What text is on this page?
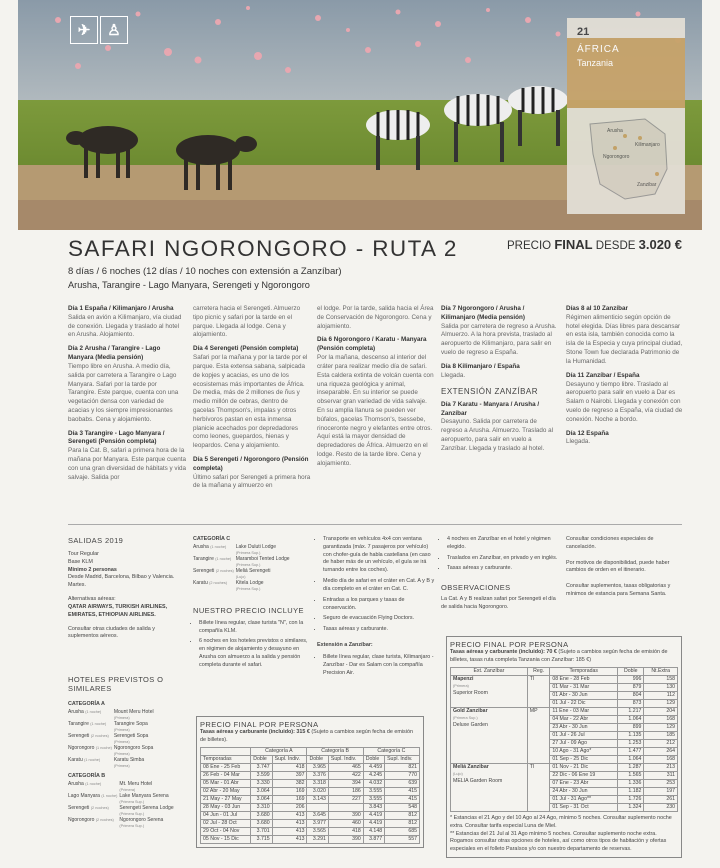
✈	♙	21
ÁFRICA
Tanzania
Arusha
Kilimanjaro
Ngorongoro
Zanzibar
SAFARI NGORONGORO - RUTA 2	PRECIO FINAL DESDE 3.020 €
8 días / 6 noches (12 días / 10 noches con extensión a Zanzíbar)
Arusha, Tarangire - Lago Manyara, Serengeti y Ngorongoro

Día 1 España / Kilimanjaro / Arusha
Salida en avión a Kilimanjaro, vía ciudad de conexión. Llegada y traslado al hotel en Arusha. Alojamiento.

Día 2 Arusha / Tarangire - Lago Manyara (Media pensión)
Tiempo libre en Arusha. A medio día, salida por carretera a Tarangire o Lago Manyara. Safari por la tarde por Tarangire. Este parque, cuenta con una vegetación densa con variedad de acacias y los siempre impresionantes baobabs. Cena y alojamiento.

Día 3 Tarangire - Lago Manyara / Serengeti (Pensión completa)
Para la Cat. B, safari a primera hora de la mañana por Manyara. Este parque cuenta con una gran diversidad de hábitats y vida salvaje. Salida por

carretera hacia el Serengeti. Almuerzo tipo picnic y safari por la tarde en el parque. Llegada al lodge. Cena y alojamiento.

Día 4 Serengeti (Pensión completa)
Safari por la mañana y por la tarde por el parque. Esta extensa sabana, salpicada de kopjes y acacias, es uno de los ecosistemas más importantes de África. De media, más de 2 millones de ñus y medio millón de cebras, dentro de gacelas Thompson's, impalas y otros herbívoros pastan en esta inmensa planicie acechados por depredadores como leones, guepardos, hienas y leopardos. Cena y alojamiento.

Día 5 Serengeti / Ngorongoro (Pensión completa)
Último safari por Serengeti a primera hora de la mañana y almuerzo en

el lodge. Por la tarde, salida hacia el Área de Conservación de Ngorongoro. Cena y alojamiento.

Día 6 Ngorongoro / Karatu - Manyara (Pensión completa)
Por la mañana, descenso al interior del cráter para realizar medio día de safari. Esta caldera extinta de volcán cuenta con una riqueza geológica y animal, inseparable. En su interior se puede observar gran variedad de vida salvaje. En su amplia llanura se pueden ver búfalos, gacelas Thomson's, tsessebe, rinoceronte negro y elefantes entre otros. Aquí está la mayor densidad de depredadores de África. Almuerzo en el lodge. Resto de la tarde libre. Cena y alojamiento.

Día 7 Ngorongoro / Arusha / Kilimanjaro (Media pensión)
Salida por carretera de regreso a Arusha. Almuerzo. A la hora prevista, traslado al aeropuerto de Kilimanjaro, para salir en vuelo de regreso a España.

Día 8 Kilimanjaro / España
Llegada.

EXTENSIÓN ZANZÍBAR

Día 7 Karatu - Manyara / Arusha / Zanzíbar
Desayuno. Salida por carretera de regreso a Arusha. Almuerzo. Traslado al aeropuerto, para salir en vuelo a Zanzíbar. Llegada y traslado al hotel.

Días 8 al 10 Zanzíbar
Régimen alimenticio según opción de hotel elegida. Días libres para descansar en esta isla, también conocida como la isla de la Especia y cuya principal ciudad, Stone Town fue declarada Patrimonio de la Humanidad.

Día 11 Zanzíbar / España
Desayuno y tiempo libre. Traslado al aeropuerto para salir en vuelo a Dar es Salam o Nairobi. Llegada y conexión con vuelo de regreso a España, vía ciudad de conexión. Noche a bordo.

Día 12 España
Llegada.

SALIDAS 2019
Tour Regular
Base KLM
Mínimo 2 personas
Desde Madrid, Barcelona, Bilbao y Valencia.
Martes.
Alternativas aéreas:
QATAR AIRWAYS, TURKISH AIRLINES, EMIRATES, ETHIOPIAN AIRLINES.
Consultar otras ciudades de salida y suplementos aéreos.
HOTELES PREVISTOS O SIMILARES
CATEGORÍA A
Arusha (1 noche)	Mount Meru Hotel
(Primera)
Tarangire (1 noche)	Tarangire Sopa
(Primera)
Serengeti (2 noches)	Serengeti Sopa
(Primera)
Ngorongoro (1 noche)	Ngorongoro Sopa
(Primera)
Karatu (1 noche)	Karatu Simba
(Primera)
CATEGORÍA B
Arusha (1 noche)	Mt. Meru Hotel
(Primera)
Lago Manyara (1 noche)	Lake Manyara Serena
(Primera Sup.)
Serengeti (2 noches)	Serengeti Serena Lodge
(Primera Sup.)
Ngorongoro (2 noches)	Ngorongoro Serena
(Primera Sup.)
CATEGORÍA C
Arusha (1 noche)	Lake Duluti Lodge
(Primera Sup.)
Tarangire (1 noche)	Maramboi Tented Lodge
(Primera Sup.)
Serengeti (2 noches)	Meliá Serengeti
(Lujo)
Karatu (2 noches)	Kitela Lodge
(Primera Sup.)
NUESTRO PRECIO INCLUYE
• Billete línea regular, clase turista "N", con la compañía KLM.
• 6 noches en los hoteles previstos o similares, en régimen de alojamiento y desayuno en Arusha con almuerzo a la salida y pensión completa durante el safari.
• Transporte en vehículos 4x4 con ventana garantizada (máx. 7 pasajeros por vehículo) con chofer-guía de habla castellana (en caso de haber más de un vehículo, el guía se irá turnando entre los coches).
• Medio día de safari en el cráter en Cat. A y B y día completo en el cráter en Cat. C.
• Entradas a los parques y tasas de conservación.
• Seguro de evacuación Flying Doctors.
• Tasas aéreas y carburante.
Extensión a Zanzíbar:
• Billete línea regular, clase turista, Kilimanjaro - Zanzíbar - Dar es Salam con la compañía Precision Air.
• 4 noches en Zanzíbar en el hotel y régimen elegido.
• Traslados en Zanzíbar, en privado y en inglés.
• Tasas aéreas y carburante.
OBSERVACIONES
La Cat. A y B realizan safari por Serengeti el día de salida hacia Ngorongoro.
Consultar condiciones especiales de cancelación.
Por motivos de disponibilidad, puede haber cambios de orden en el itinerario.
Consultar suplementos, tasas obligatorias y mínimos de estancia para Semana Santa.
PRECIO FINAL POR PERSONA
Tasas aéreas y carburante (incluido): 315 € (Sujeto a cambios según fecha de emisión de billetes).
	Categoría A		Categoría B		Categoría C	
Temporadas	Doble	Supl. Indiv.	Doble	Supl. Indiv.	Doble	Supl. Indiv.
08 Ene - 25 Feb	3.747	418	3.965	465	4.459	821
26 Feb - 04 Mar	3.599	397	3.376	422	4.245	770
05 Mar - 01 Abr	3.330	382	3.318	394	4.032	639
02 Abr - 20 May	3.064	169	3.020	186	3.555	415
21 May - 27 May	3.064	169	3.143	227	3.555	415
28 May - 03 Jun	3.310	206			3.843	548
04 Jun - 01 Jul	3.680	413	3.645	390	4.419	812
02 Jul - 28 Oct	3.680	413	3.977	460	4.419	812
29 Oct - 04 Nov	3.701	413	3.565	418	4.148	685
05 Nov - 15 Dic	3.715	413	3.291	390	3.877	557
PRECIO FINAL POR PERSONA
Tasas aéreas y carburante (incluido): 70 € (Sujeto a cambios según fecha de emisión de billetes, tasas ruta completa Tanzania con Zanzíbar: 185 €)
Ext. Zanzíbar	Reg.	Temporadas	Doble	Nt.Extra
Mapenzi
(Primera)
Superior Room	TI	08 Ene - 28 Feb	996	158
		01 Mar - 31 Mar	879	130
		01 Abr - 30 Jun	804	112
		01 Jul - 22 Dic	873	129
Gold Zanzibar
(Primera Sup.)
Deluxe Garden	MP	11 Ene - 03 Mar	1.217	204
		04 Mar - 22 Abr	1.064	168
		23 Abr - 30 Jun	899	129
		01 Jul - 26 Jul	1.135	185
		27 Jul - 09 Ago	1.253	212
		10 Ago - 31 Ago*	1.477	264
		01 Sep - 25 Dic	1.064	168
Meliá Zanzibar
(Lujo)
MELIA Garden Room	TI	01 Nov - 21 Dic	1.287	213
		22 Dic - 06 Ene 19	1.565	311
		07 Ene - 23 Abr	1.336	253
		24 Abr - 30 Jun	1.182	197
		01 Jul - 31 Ago**	1.726	261
		01 Sep - 31 Oct	1.324	230
* Estancias el 21 Ago y del 10 Ago al 24 Ago, mínimo 5 noches. Consultar suplemento noche extra. Consultar tarifa especial Luna de Miel.
** Estancias del 21 Jul al 31 Ago mínimo 5 noches. Consultar suplemento noche extra. Rogamos consultar otras opciones de hoteles, así como otros tipos de habitación y ofertas especiales en el folleto Paraísos y/o con nuestro departamento de reservas.
